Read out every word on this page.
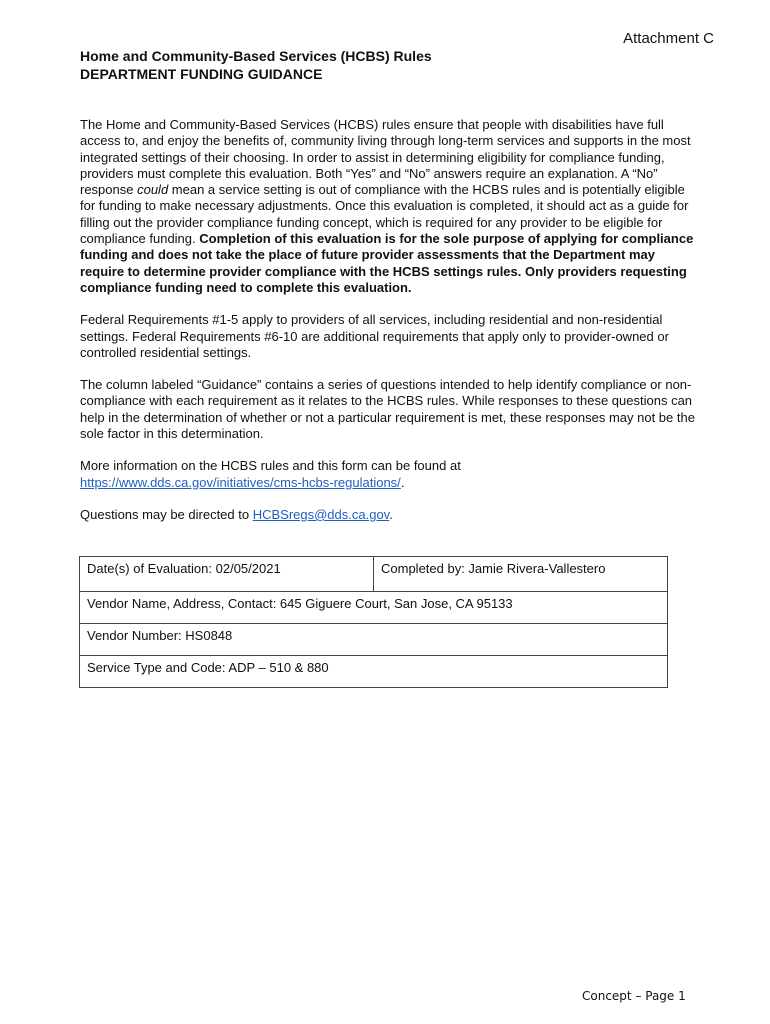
Attachment C
Home and Community-Based Services (HCBS) Rules
DEPARTMENT FUNDING GUIDANCE

The Home and Community-Based Services (HCBS) rules ensure that people with disabilities have full access to, and enjoy the benefits of, community living through long-term services and supports in the most integrated settings of their choosing. In order to assist in determining eligibility for compliance funding, providers must complete this evaluation. Both “Yes” and “No” answers require an explanation. A “No” response could mean a service setting is out of compliance with the HCBS rules and is potentially eligible for funding to make necessary adjustments. Once this evaluation is completed, it should act as a guide for filling out the provider compliance funding concept, which is required for any provider to be eligible for compliance funding. Completion of this evaluation is for the sole purpose of applying for compliance funding and does not take the place of future provider assessments that the Department may require to determine provider compliance with the HCBS settings rules. Only providers requesting compliance funding need to complete this evaluation.

Federal Requirements #1-5 apply to providers of all services, including residential and non-residential settings. Federal Requirements #6-10 are additional requirements that apply only to provider-owned or controlled residential settings.

The column labeled “Guidance” contains a series of questions intended to help identify compliance or non-compliance with each requirement as it relates to the HCBS rules. While responses to these questions can help in the determination of whether or not a particular requirement is met, these responses may not be the sole factor in this determination.

More information on the HCBS rules and this form can be found at
https://www.dds.ca.gov/initiatives/cms-hcbs-regulations/.

Questions may be directed to HCBSregs@dds.ca.gov.

Date(s) of Evaluation: 02/05/2021	Completed by: Jamie Rivera-Vallestero
Vendor Name, Address, Contact: 645 Giguere Court, San Jose, CA 95133
Vendor Number: HS0848
Service Type and Code: ADP – 510 & 880
Concept – Page 1
